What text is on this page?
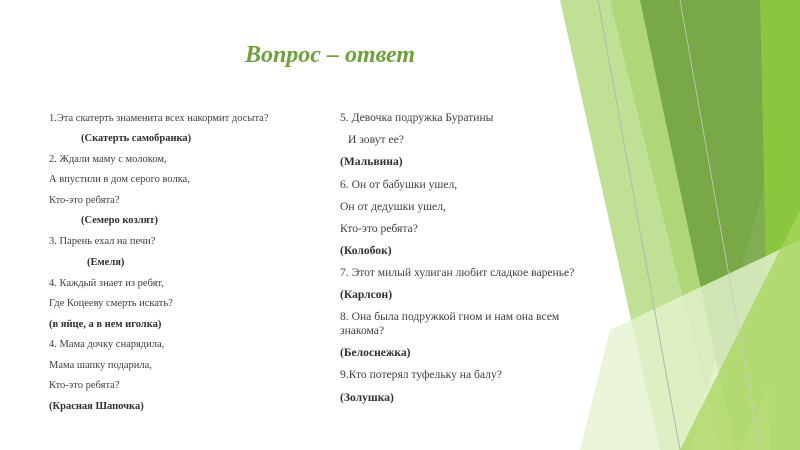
Вопрос – ответ
1.Эта скатерть знаменита всех накормит досыта?
(Скатерть самобранка)
2. Ждали маму с молоком,
А впустили в дом серого волка,
Кто-это ребята?
(Семеро козлят)
3. Парень ехал на печи?
(Емеля)
4. Каждый знает из ребят,
Где Коцееву смерть искать?
(в яйце, а в нем иголка)
4. Мама дочку снарядила,
Мама шапку подарила,
Кто-это ребята?
(Красная Шапочка)
5. Девочка подружка Буратины
И зовут ее?
(Мальвина)
6. Он от бабушки ушел,
Он от дедушки ушел,
Кто-это ребята?
(Колобок)
7. Этот милый хулиган любит сладкое варенье?
(Карлсон)
8. Она была подружкой гном и нам она всем
знакома?
(Белоснежка)
9.Кто потерял туфельку на балу?
(Золушка)
